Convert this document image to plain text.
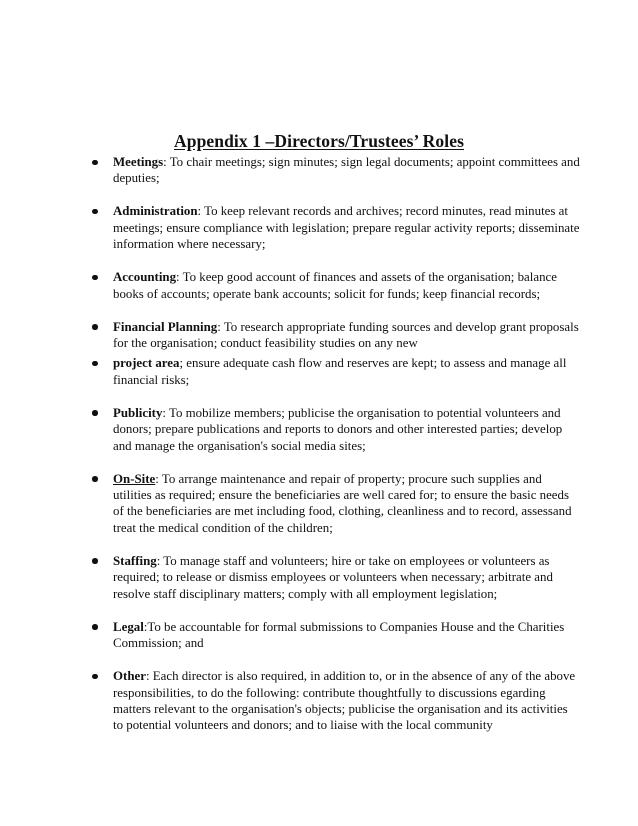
Appendix 1 –Directors/Trustees’ Roles
Meetings: To chair meetings; sign minutes; sign legal documents; appoint committees and deputies;
Administration: To keep relevant records and archives; record minutes, read minutes at meetings; ensure compliance with legislation; prepare regular activity reports; disseminate information where necessary;
Accounting: To keep good account of finances and assets of the organisation; balance books of accounts; operate bank accounts; solicit for funds; keep financial records;
Financial Planning: To research appropriate funding sources and develop grant proposals for the organisation; conduct feasibility studies on any new
project area; ensure adequate cash flow and reserves are kept; to assess and manage all financial risks;
Publicity: To mobilize members; publicise the organisation to potential volunteers and donors; prepare publications and reports to donors and other interested parties; develop and manage the organisation's social media sites;
On-Site: To arrange maintenance and repair of property; procure such supplies and utilities as required; ensure the beneficiaries are well cared for; to ensure the basic needs of the beneficiaries are met including food, clothing, cleanliness and to record, assessand treat the medical condition of the children;
Staffing: To manage staff and volunteers; hire or take on employees or volunteers as required; to release or dismiss employees or volunteers when necessary; arbitrate and resolve staff disciplinary matters; comply with all employment legislation;
Legal:To be accountable for formal submissions to Companies House and the Charities Commission; and
Other: Each director is also required, in addition to, or in the absence of any of the above responsibilities, to do the following: contribute thoughtfully to discussions egarding matters relevant to the organisation's objects; publicise the organisation and its activities to potential volunteers and donors; and to liaise with the local community
